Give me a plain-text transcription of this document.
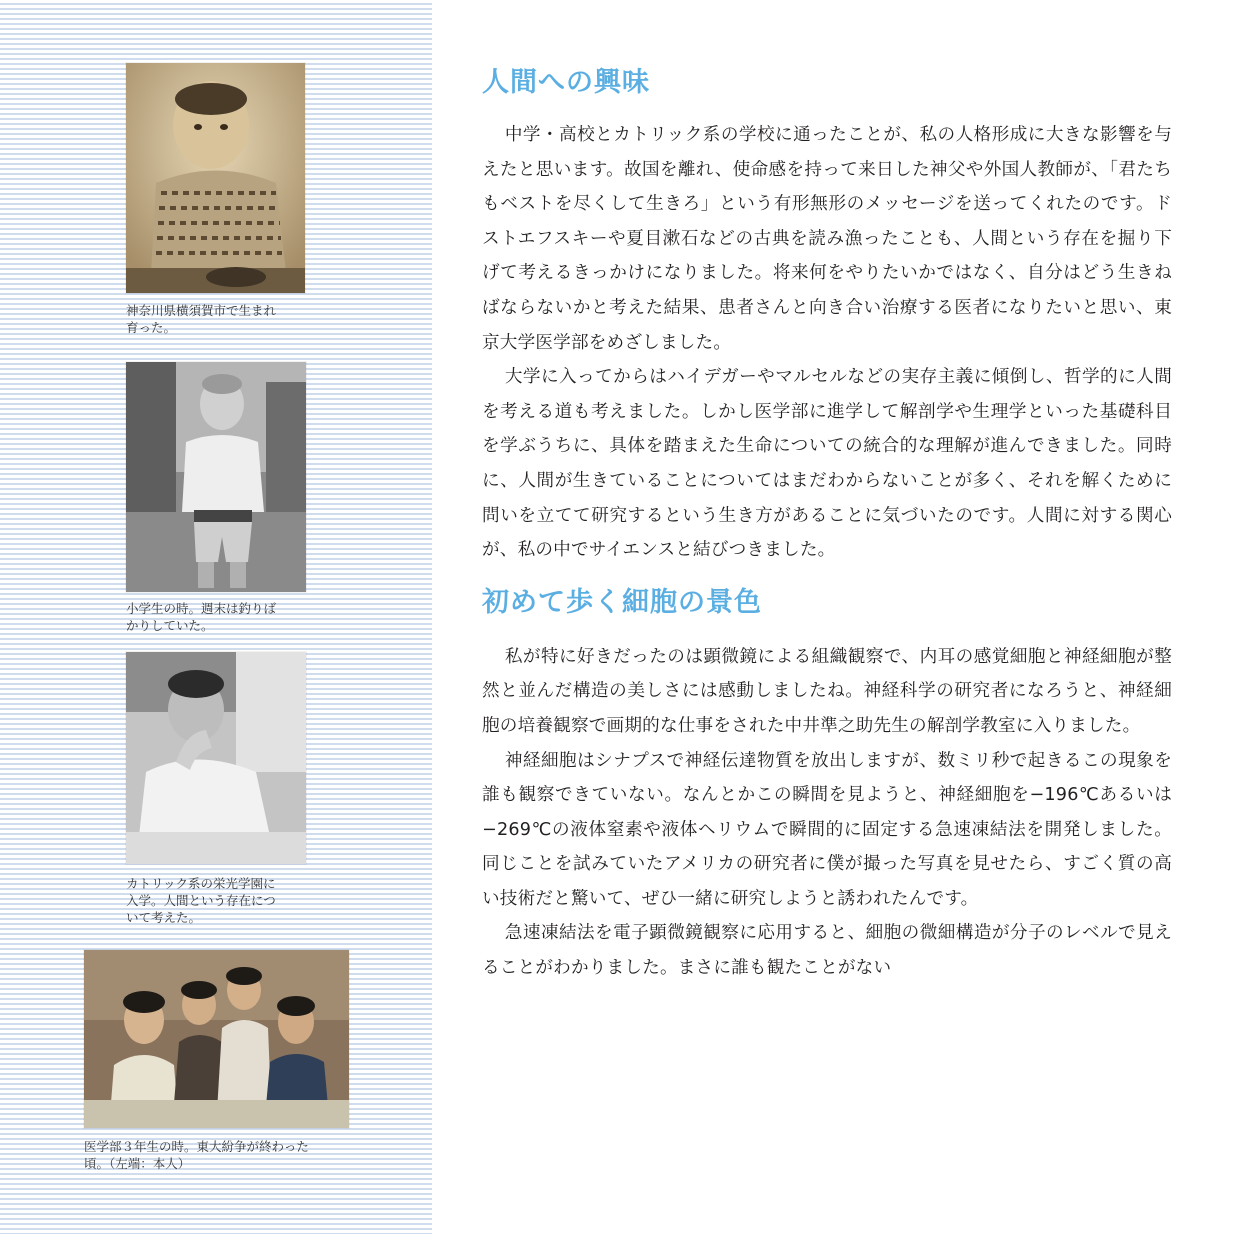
神奈川県横須賀市で生まれ
育った。

小学生の時。週末は釣りば
かりしていた。

カトリック系の栄光学園に
入学。人間という存在につ
いて考えた。

医学部３年生の時。東大紛争が終わった
頃。（左端：本人）

人間への興味

中学・高校とカトリック系の学校に通ったことが、私の人格形成に大きな影響を与えたと思います。故国を離れ、使命感を持って来日した神父や外国人教師が、「君たちもベストを尽くして生きろ」という有形無形のメッセージを送ってくれたのです。ドストエフスキーや夏目漱石などの古典を読み漁ったことも、人間という存在を掘り下げて考えるきっかけになりました。将来何をやりたいかではなく、自分はどう生きねばならないかと考えた結果、患者さんと向き合い治療する医者になりたいと思い、東京大学医学部をめざしました。

大学に入ってからはハイデガーやマルセルなどの実存主義に傾倒し、哲学的に人間を考える道も考えました。しかし医学部に進学して解剖学や生理学といった基礎科目を学ぶうちに、具体を踏まえた生命についての統合的な理解が進んできました。同時に、人間が生きていることについてはまだわからないことが多く、それを解くために問いを立てて研究するという生き方があることに気づいたのです。人間に対する関心が、私の中でサイエンスと結びつきました。

初めて歩く細胞の景色

私が特に好きだったのは顕微鏡による組織観察で、内耳の感覚細胞と神経細胞が整然と並んだ構造の美しさには感動しましたね。神経科学の研究者になろうと、神経細胞の培養観察で画期的な仕事をされた中井準之助先生の解剖学教室に入りました。

神経細胞はシナプスで神経伝達物質を放出しますが、数ミリ秒で起きるこの現象を誰も観察できていない。なんとかこの瞬間を見ようと、神経細胞を−196℃あるいは−269℃の液体窒素や液体ヘリウムで瞬間的に固定する急速凍結法を開発しました。同じことを試みていたアメリカの研究者に僕が撮った写真を見せたら、すごく質の高い技術だと驚いて、ぜひ一緒に研究しようと誘われたんです。

急速凍結法を電子顕微鏡観察に応用すると、細胞の微細構造が分子のレベルで見えることがわかりました。まさに誰も観たことがない
